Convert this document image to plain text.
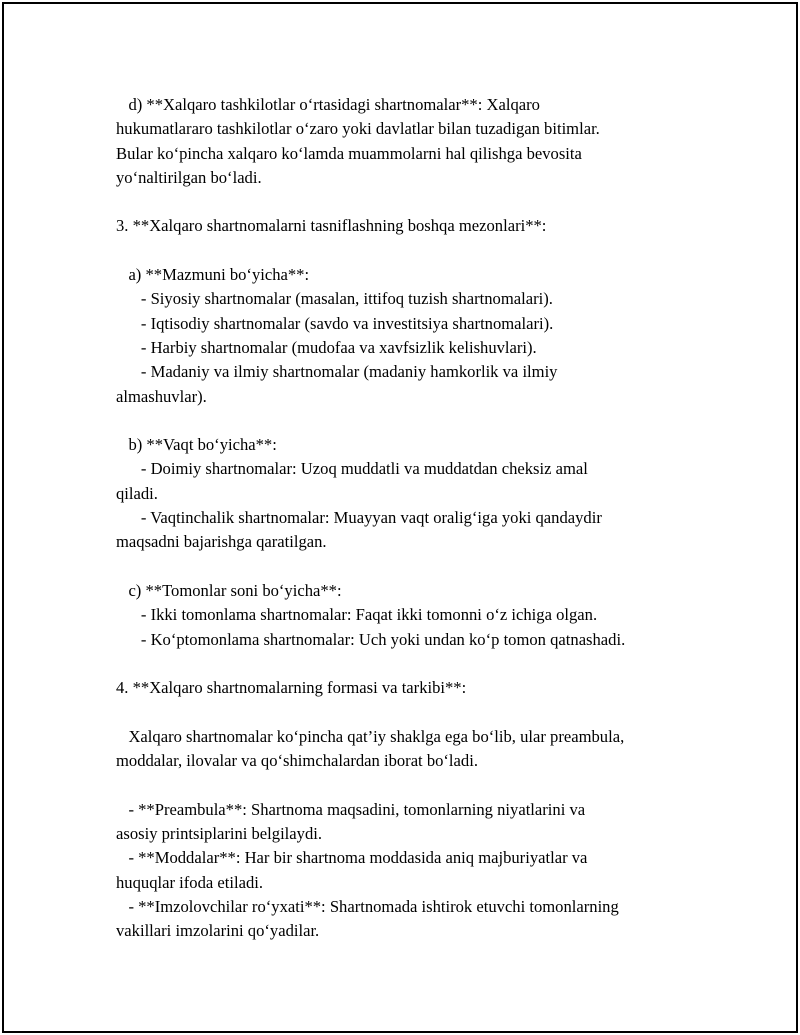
d) **Xalqaro tashkilotlar o‘rtasidagi shartnomalar**: Xalqaro
hukumatlararo tashkilotlar o‘zaro yoki davlatlar bilan tuzadigan bitimlar.
Bular ko‘pincha xalqaro ko‘lamda muammolarni hal qilishga bevosita
yo‘naltirilgan bo‘ladi.
3. **Xalqaro shartnomalarni tasniflashning boshqa mezonlari**:
a) **Mazmuni bo‘yicha**:
- Siyosiy shartnomalar (masalan, ittifoq tuzish shartnomalari).
- Iqtisodiy shartnomalar (savdo va investitsiya shartnomalari).
- Harbiy shartnomalar (mudofaa va xavfsizlik kelishuvlari).
- Madaniy va ilmiy shartnomalar (madaniy hamkorlik va ilmiy
almashuvlar).
b) **Vaqt bo‘yicha**:
- Doimiy shartnomalar: Uzoq muddatli va muddatdan cheksiz amal
qiladi.
- Vaqtinchalik shartnomalar: Muayyan vaqt oralig‘iga yoki qandaydir
maqsadni bajarishga qaratilgan.
c) **Tomonlar soni bo‘yicha**:
- Ikki tomonlama shartnomalar: Faqat ikki tomonni o‘z ichiga olgan.
- Ko‘ptomonlama shartnomalar: Uch yoki undan ko‘p tomon qatnashadi.
4. **Xalqaro shartnomalarning formasi va tarkibi**:
Xalqaro shartnomalar ko‘pincha qat’iy shaklga ega bo‘lib, ular preambula,
moddalar, ilovalar va qo‘shimchalardan iborat bo‘ladi.
- **Preambula**: Shartnoma maqsadini, tomonlarning niyatlarini va
asosiy printsiplarini belgilaydi.
- **Moddalar**: Har bir shartnoma moddasida aniq majburiyatlar va
huquqlar ifoda etiladi.
- **Imzolovchilar ro‘yxati**: Shartnomada ishtirok etuvchi tomonlarning
vakillari imzolarini qo‘yadilar.
